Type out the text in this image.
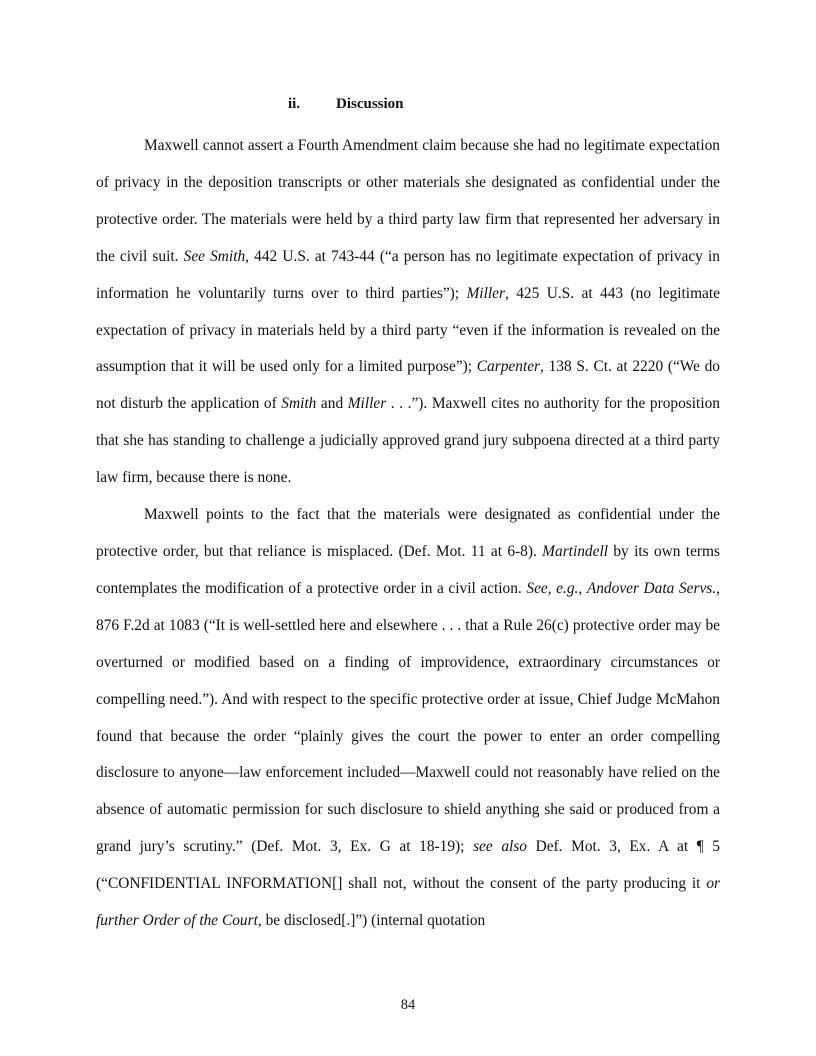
ii. Discussion

Maxwell cannot assert a Fourth Amendment claim because she had no legitimate expectation of privacy in the deposition transcripts or other materials she designated as confidential under the protective order. The materials were held by a third party law firm that represented her adversary in the civil suit. See Smith, 442 U.S. at 743-44 (“a person has no legitimate expectation of privacy in information he voluntarily turns over to third parties”); Miller, 425 U.S. at 443 (no legitimate expectation of privacy in materials held by a third party “even if the information is revealed on the assumption that it will be used only for a limited purpose”); Carpenter, 138 S. Ct. at 2220 (“We do not disturb the application of Smith and Miller . . .”). Maxwell cites no authority for the proposition that she has standing to challenge a judicially approved grand jury subpoena directed at a third party law firm, because there is none.

Maxwell points to the fact that the materials were designated as confidential under the protective order, but that reliance is misplaced. (Def. Mot. 11 at 6-8). Martindell by its own terms contemplates the modification of a protective order in a civil action. See, e.g., Andover Data Servs., 876 F.2d at 1083 (“It is well-settled here and elsewhere . . . that a Rule 26(c) protective order may be overturned or modified based on a finding of improvidence, extraordinary circumstances or compelling need.”). And with respect to the specific protective order at issue, Chief Judge McMahon found that because the order “plainly gives the court the power to enter an order compelling disclosure to anyone—law enforcement included—Maxwell could not reasonably have relied on the absence of automatic permission for such disclosure to shield anything she said or produced from a grand jury’s scrutiny.” (Def. Mot. 3, Ex. G at 18-19); see also Def. Mot. 3, Ex. A at ¶ 5 (“CONFIDENTIAL INFORMATION[] shall not, without the consent of the party producing it or further Order of the Court, be disclosed[.]”) (internal quotation

84
